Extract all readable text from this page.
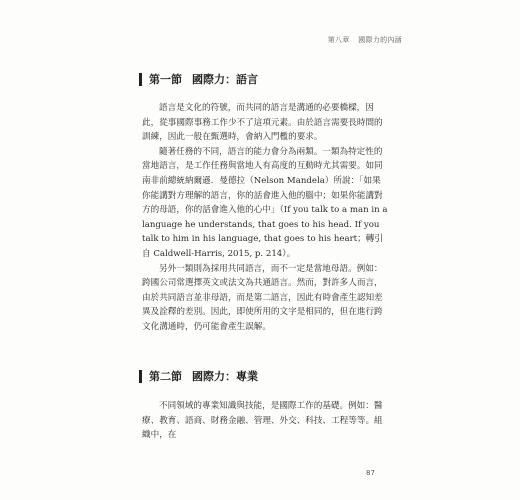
第八章 國際力的內涵
第一節 國際力：語言

語言是文化的符號，而共同的語言是溝通的必要橋樑，因此，從事國際事務工作少不了這項元素。由於語言需要長時間的訓練，因此一般在甄選時，會納入門檻的要求。

隨著任務的不同，語言的能力會分為兩類。一類為特定性的當地語言，是工作任務與當地人有高度的互動時尤其需要。如同南非前總統納爾遜．曼德拉（Nelson Mandela）所說：「如果你能講對方理解的語言，你的話會進入他的腦中；如果你能講對方的母語，你的話會進入他的心中」（If you talk to a man in a language he understands, that goes to his head. If you talk to him in his language, that goes to his heart；轉引自 Caldwell-Harris, 2015, p. 214）。

另外一類則為採用共同語言，而不一定是當地母語。例如：跨國公司常選擇英文或法文為共通語言。然而，對許多人而言，由於共同語言並非母語，而是第二語言，因此有時會產生認知差異及詮釋的差別。因此，即使所用的文字是相同的，但在進行跨文化溝通時，仍可能會產生誤解。

第二節 國際力：專業

不同領域的專業知識與技能，是國際工作的基礎。例如：醫療、教育、語商、財務金融、管理、外交、科技、工程等等。組織中，在

87
